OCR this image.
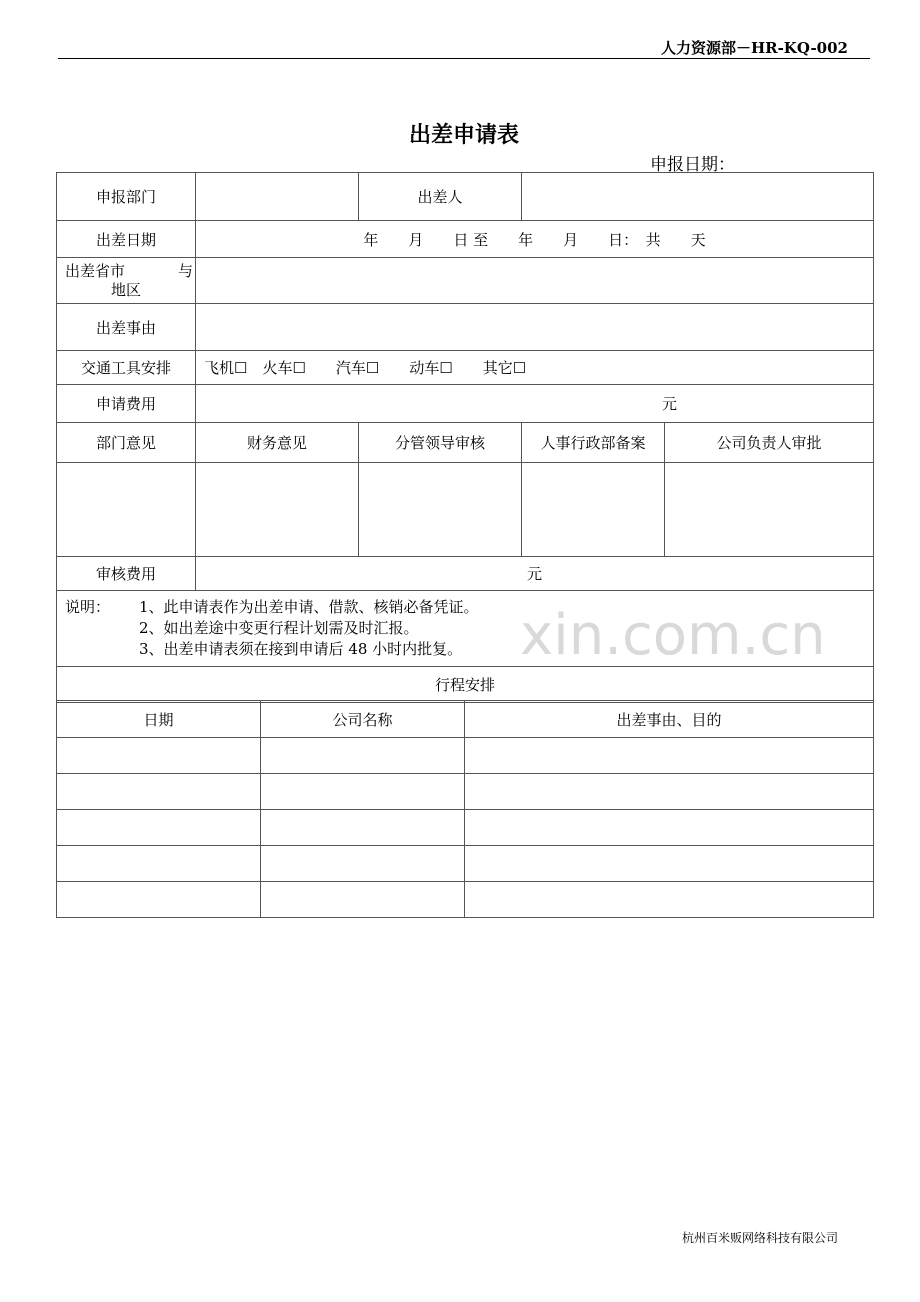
人力资源部－HR-KQ-002
出差申请表
申报日期：
申报部门		出差人		
出差日期	年　　月　　日 至　　年　　月　　日：　共　　天			

出差省市 与
地区				

出差事由				
交通工具安排	飞机☐　火车☐　　汽车☐　　动车☐　　其它☐			
申请费用	元			
部门意见	财务意见	分管领导审核	人事行政部备案	公司负责人审批

审核费用	元			

说明： 1、此申请表作为出差申请、借款、核销必备凭证。
2、如出差途中变更行程计划需及时汇报。
3、出差申请表须在接到申请后 48 小时内批复。				

行程安排				
日期	公司名称	出差事由、目的

xin.com.cn
杭州百米贩网络科技有限公司
